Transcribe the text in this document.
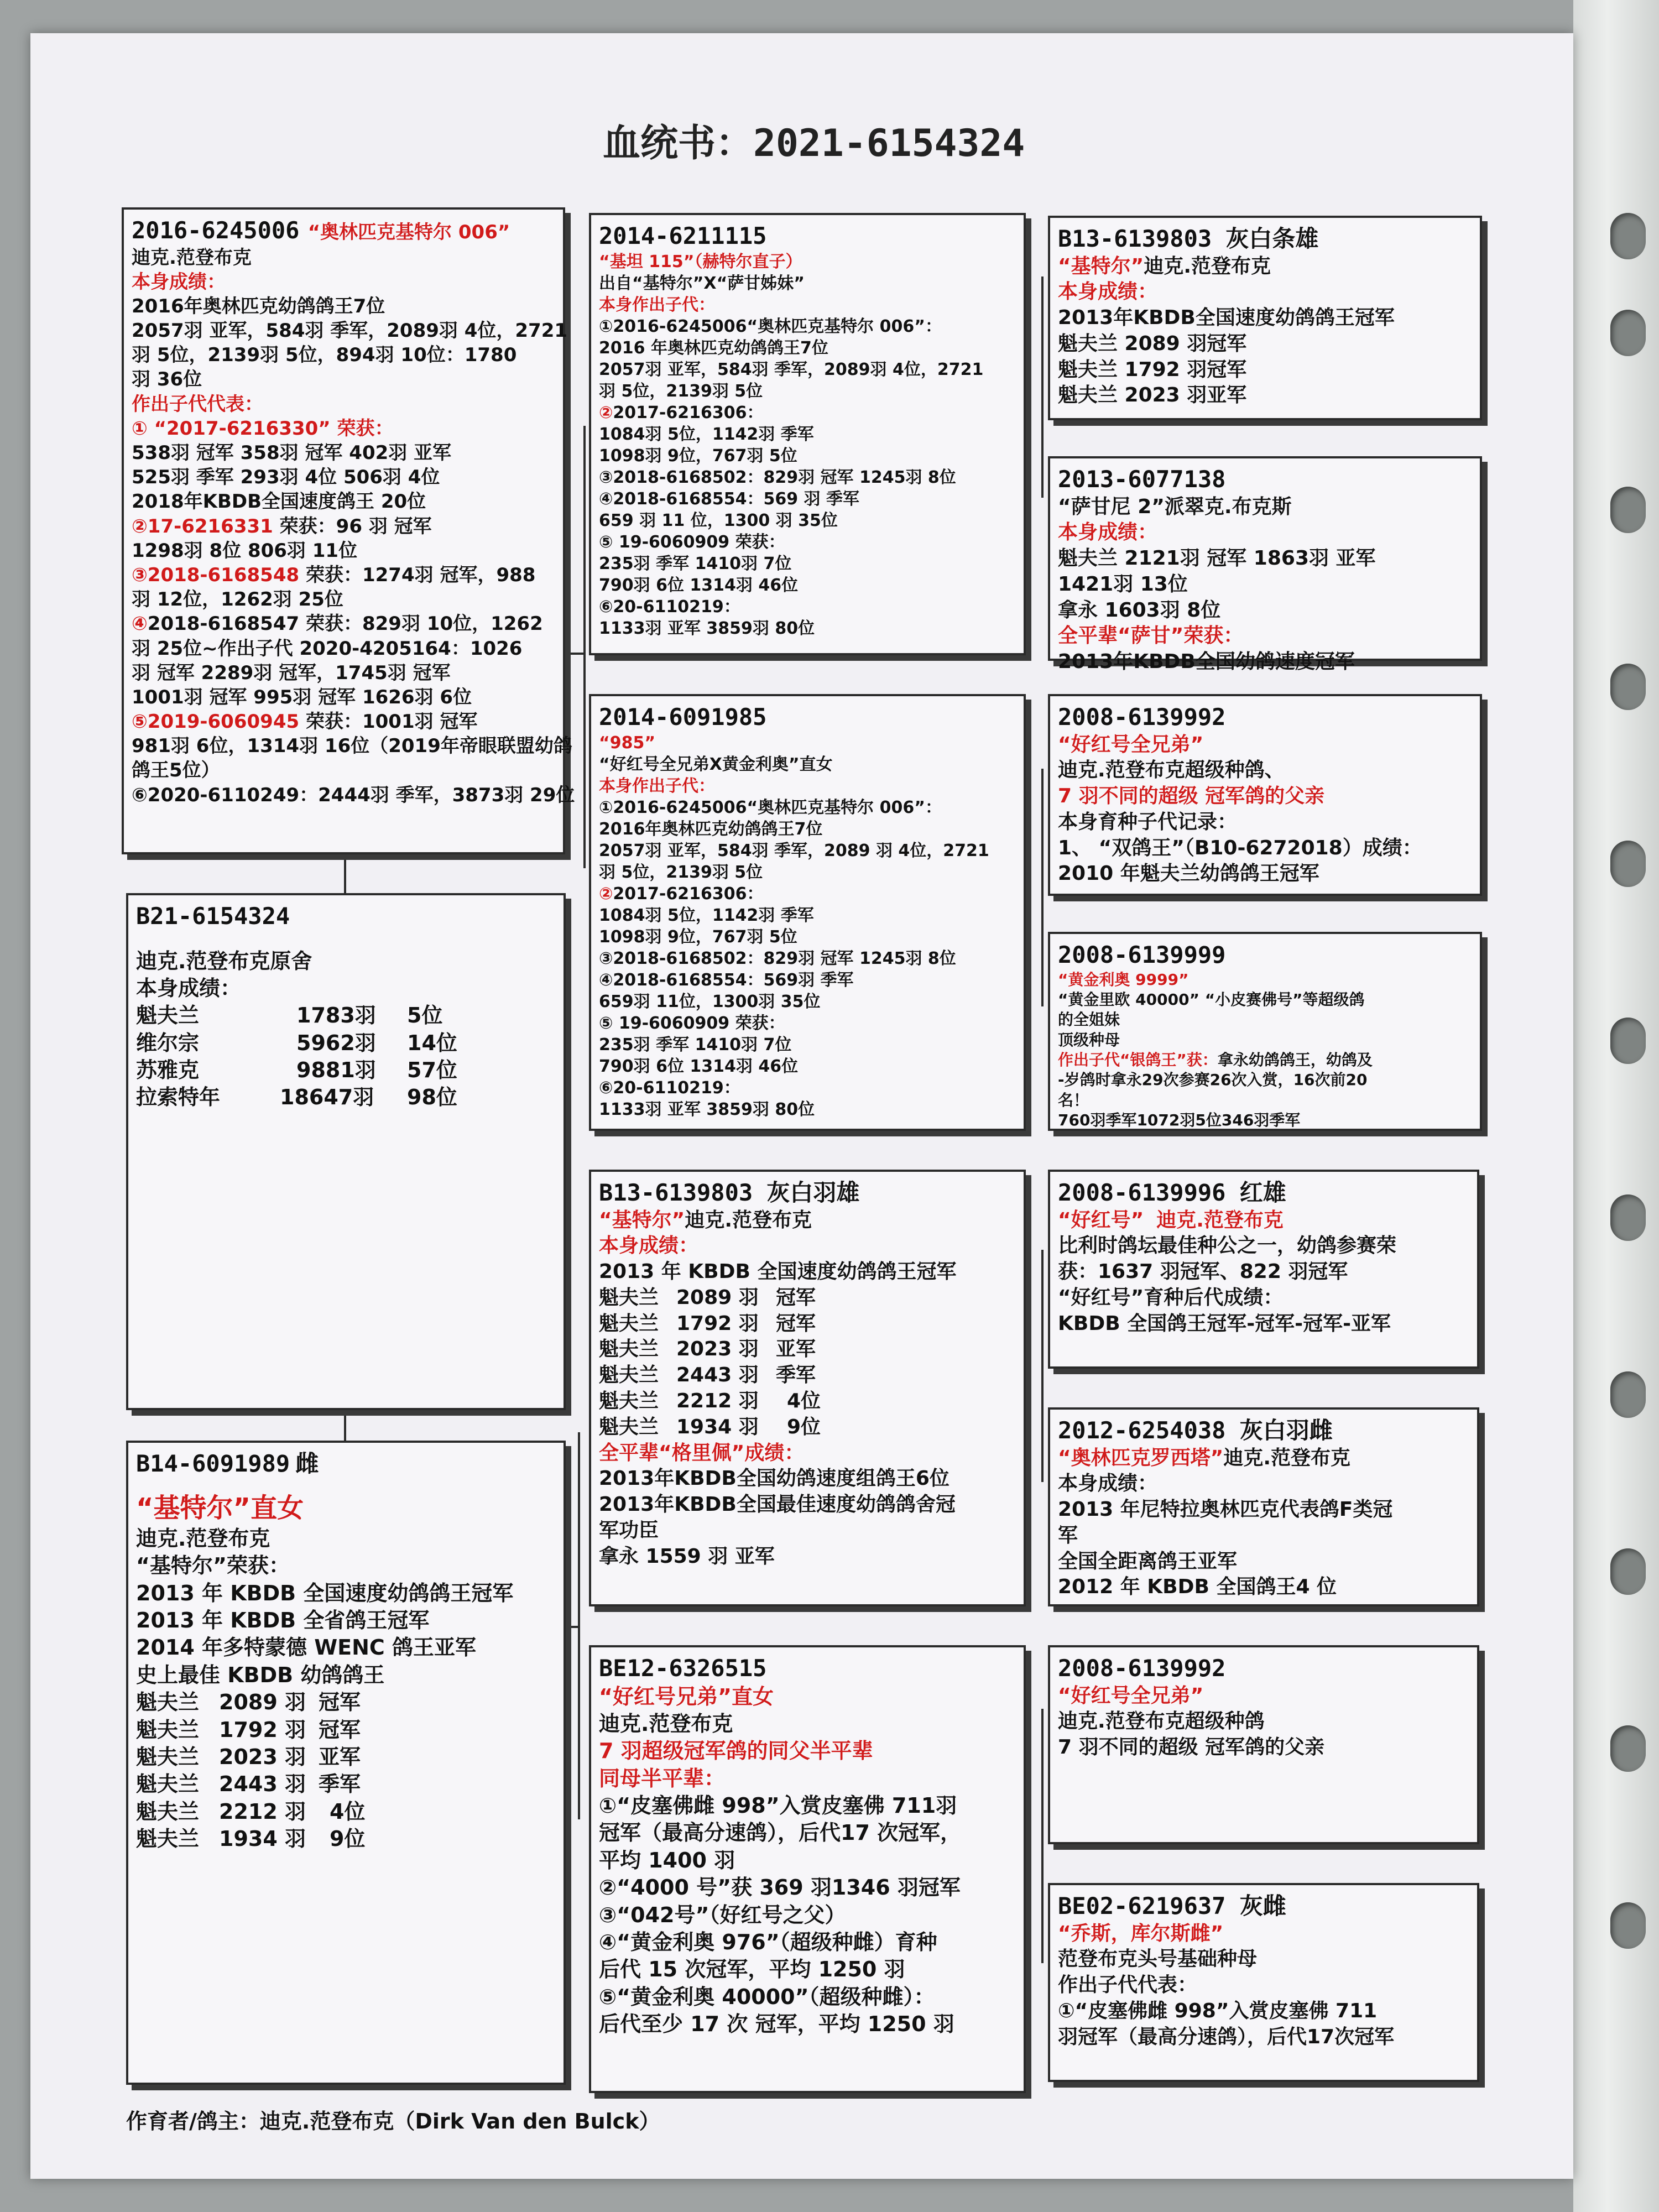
血统书：2021-6154324
2016-6245006 “奥林匹克基特尔 006”
迪克.范登布克
本身成绩：
2016年奥林匹克幼鸽鸽王7位
2057羽 亚军，584羽 季军，2089羽 4位，2721
羽 5位，2139羽 5位，894羽 10位：1780
羽 36位
作出子代代表：
① “2017-6216330” 荣获：
538羽 冠军 358羽 冠军 402羽 亚军
525羽 季军 293羽 4位 506羽 4位
2018年KBDB全国速度鸽王 20位
②17-6216331 荣获：96 羽 冠军
1298羽 8位 806羽 11位
③2018-6168548 荣获：1274羽 冠军，988
羽 12位，1262羽 25位
④2018-6168547 荣获：829羽 10位，1262
羽 25位~作出子代 2020-4205164：1026
羽 冠军 2289羽 冠军，1745羽 冠军
1001羽 冠军 995羽 冠军 1626羽 6位
⑤2019-6060945 荣获：1001羽 冠军
981羽 6位，1314羽 16位（2019年帝眼联盟幼鸽
鸽王5位）
⑥2020-6110249：2444羽 季军，3873羽 29位
B21-6154324
迪克.范登布克原舍
本身成绩：
魁夫兰	1783羽 5位
维尔宗	5962羽 14位
苏雅克	9881羽 57位
拉索特年	18647羽 98位
B14-6091989 雌
“基特尔”直女
迪克.范登布克
“基特尔”荣获：
2013 年 KBDB 全国速度幼鸽鸽王冠军
2013 年 KBDB 全省鸽王冠军
2014 年多特蒙德 WENC 鸽王亚军
史上最佳 KBDB 幼鸽鸽王
魁夫兰 2089 羽 冠军
魁夫兰 1792 羽 冠军
魁夫兰 2023 羽 亚军
魁夫兰 2443 羽 季军
魁夫兰 2212 羽 4位
魁夫兰 1934 羽 9位
2014-6211115
“基坦 115”（赫特尔直子）
出自“基特尔”X“萨甘姊妹”
本身作出子代：
①2016-6245006“奥林匹克基特尔 006”：
2016 年奥林匹克幼鸽鸽王7位
2057羽 亚军，584羽 季军，2089羽 4位，2721
羽 5位，2139羽 5位
②2017-6216306：
1084羽 5位，1142羽 季军
1098羽 9位，767羽 5位
③2018-6168502：829羽 冠军 1245羽 8位
④2018-6168554：569 羽 季军
659 羽 11 位，1300 羽 35位
⑤ 19-6060909 荣获：
235羽 季军 1410羽 7位
790羽 6位 1314羽 46位
⑥20-6110219：
1133羽 亚军 3859羽 80位
2014-6091985
“985”
“好红号全兄弟X黄金利奥”直女
本身作出子代：
①2016-6245006“奥林匹克基特尔 006”：
2016年奥林匹克幼鸽鸽王7位
2057羽 亚军，584羽 季军，2089 羽 4位，2721
羽 5位，2139羽 5位
②2017-6216306：
1084羽 5位，1142羽 季军
1098羽 9位，767羽 5位
③2018-6168502：829羽 冠军 1245羽 8位
④2018-6168554：569羽 季军
659羽 11位，1300羽 35位
⑤ 19-6060909 荣获：
235羽 季军 1410羽 7位
790羽 6位 1314羽 46位
⑥20-6110219：
1133羽 亚军 3859羽 80位
B13-6139803 灰白羽雄
“基特尔”迪克.范登布克
本身成绩：
2013 年 KBDB 全国速度幼鸽鸽王冠军
魁夫兰 2089 羽 冠军
魁夫兰 1792 羽 冠军
魁夫兰 2023 羽 亚军
魁夫兰 2443 羽 季军
魁夫兰 2212 羽 4位
魁夫兰 1934 羽 9位
全平辈“格里佩”成绩：
2013年KBDB全国幼鸽速度组鸽王6位
2013年KBDB全国最佳速度幼鸽鸽舍冠
军功臣
拿永 1559 羽 亚军
BE12-6326515
“好红号兄弟”直女
迪克.范登布克
7 羽超级冠军鸽的同父半平辈
同母半平辈：
①“皮塞佛雌 998”入赏皮塞佛 711羽
冠军（最高分速鸽），后代17 次冠军，
平均 1400 羽
②“4000 号”获 369 羽1346 羽冠军
③“042号”（好红号之父）
④“黄金利奥 976”（超级种雌）育种
后代 15 次冠军，平均 1250 羽
⑤“黄金利奥 40000”（超级种雌）：
后代至少 17 次 冠军，平均 1250 羽
B13-6139803 灰白条雄
“基特尔”迪克.范登布克
本身成绩：
2013年KBDB全国速度幼鸽鸽王冠军
魁夫兰 2089 羽冠军
魁夫兰 1792 羽冠军
魁夫兰 2023 羽亚军
2013-6077138
“萨甘尼 2”派翠克.布克斯
本身成绩：
魁夫兰 2121羽 冠军 1863羽 亚军
1421羽 13位
拿永 1603羽 8位
全平辈“萨甘”荣获：
2013年KBDB全国幼鸽速度冠军
2008-6139992
“好红号全兄弟”
迪克.范登布克超级种鸽、
7 羽不同的超级 冠军鸽的父亲
本身育种子代记录：
1、 “双鸽王”（B10-6272018）成绩：
2010 年魁夫兰幼鸽鸽王冠军
2008-6139999
“黄金利奥 9999”
“黄金里欧 40000” “小皮赛佛号”等超级鸽
的全姐妹
顶级种母
作出子代“银鸽王”获：拿永幼鸽鸽王，幼鸽及
-岁鸽时拿永29次参赛26次入赏，16次前20
名！
760羽季军1072羽5位346羽季军
2008-6139996 红雄
“好红号” 迪克.范登布克
比利时鸽坛最佳种公之一，幼鸽参赛荣
获：1637 羽冠军、822 羽冠军
“好红号”育种后代成绩：
KBDB 全国鸽王冠军-冠军-冠军-亚军
2012-6254038 灰白羽雌
“奥林匹克罗西塔”迪克.范登布克
本身成绩：
2013 年尼特拉奥林匹克代表鸽F类冠
军
全国全距离鸽王亚军
2012 年 KBDB 全国鸽王4 位
2008-6139992
“好红号全兄弟”
迪克.范登布克超级种鸽
7 羽不同的超级 冠军鸽的父亲
BE02-6219637 灰雌
“乔斯，库尔斯雌”
范登布克头号基础种母
作出子代代表：
①“皮塞佛雌 998”入赏皮塞佛 711
羽冠军（最高分速鸽），后代17次冠军
作育者/鸽主：迪克.范登布克（Dirk Van den Bulck）
